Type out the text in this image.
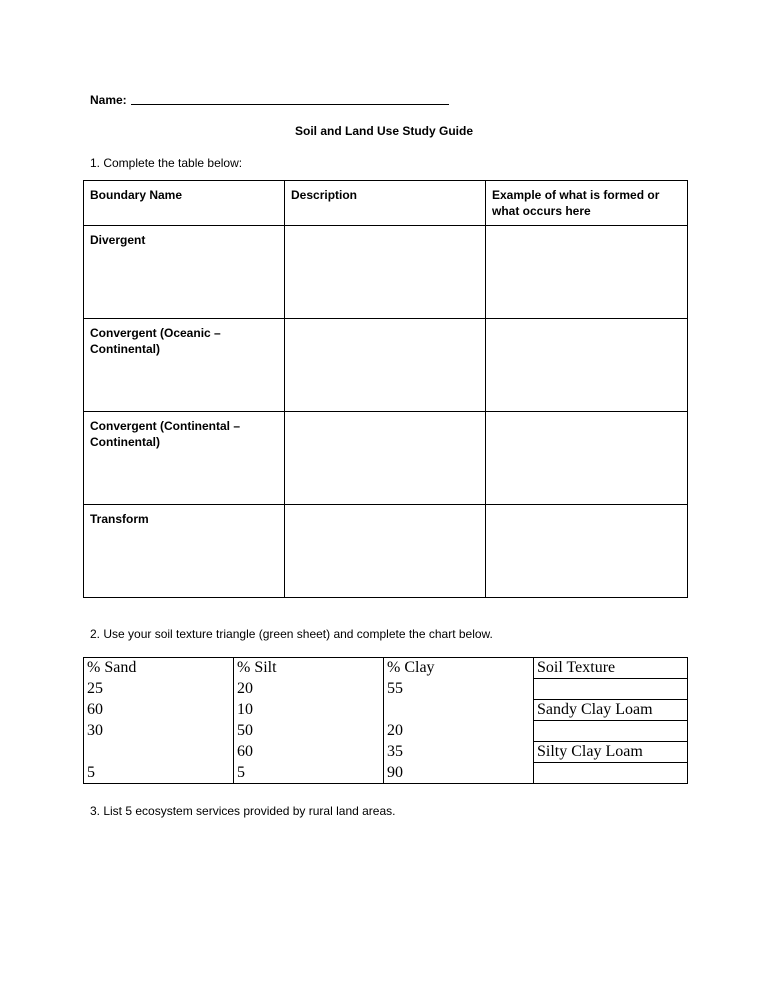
Name:
Soil and Land Use Study Guide
1. Complete the table below:
Boundary Name	Description	Example of what is formed or what occurs here
Divergent		
Convergent (Oceanic – Continental)		
Convergent (Continental – Continental)		
Transform		
2. Use your soil texture triangle (green sheet) and complete the chart below.
% Sand	% Silt	% Clay	Soil Texture
25	20	55	
60	10		Sandy Clay Loam
30	50	20	
	60	35	Silty Clay Loam
5	5	90	
3. List 5 ecosystem services provided by rural land areas.
